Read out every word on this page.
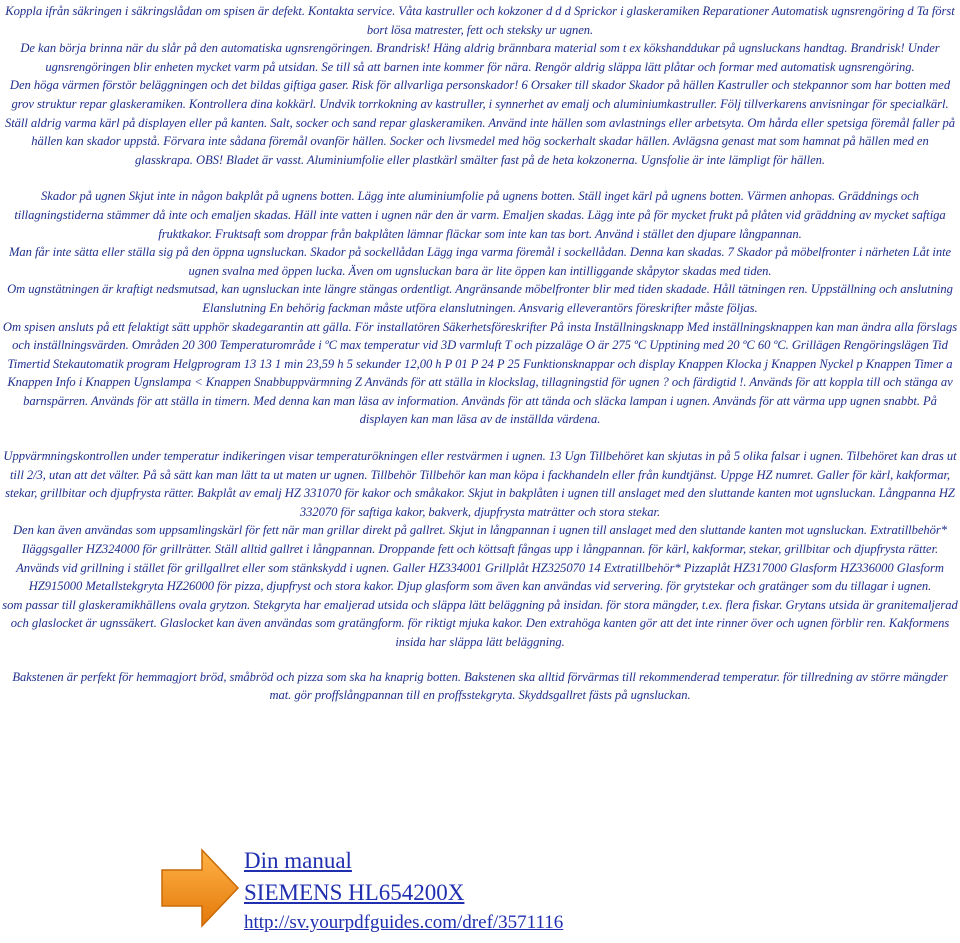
Koppla ifrån säkringen i säkringslådan om spisen är defekt. Kontakta service. Våta kastruller och kokzoner d d d Sprickor i glaskeramiken Reparationer Automatisk ugnsrengöring d Ta först bort lösa matrester, fett och steksky ur ugnen.

De kan börja brinna när du slår på den automatiska ugnsrengöringen. Brandrisk! Häng aldrig brännbara material som t ex kökshanddukar på ugnsluckans handtag. Brandrisk! Under ugnsrengöringen blir enheten mycket varm på utsidan. Se till så att barnen inte kommer för nära. Rengör aldrig släppa lätt plåtar och formar med automatisk ugnsrengöring.

Den höga värmen förstör beläggningen och det bildas giftiga gaser. Risk för allvarliga personskador! 6 Orsaker till skador Skador på hällen Kastruller och stekpannor som har botten med grov struktur repar glaskeramiken. Kontrollera dina kokkärl. Undvik torrkokning av kastruller, i synnerhet av emalj och aluminiumkastruller. Följ tillverkarens anvisningar för specialkärl.

Ställ aldrig varma kärl på displayen eller på kanten. Salt, socker och sand repar glaskeramiken. Använd inte hällen som avlastnings eller arbetsyta. Om hårda eller spetsiga föremål faller på hällen kan skador uppstå. Förvara inte sådana föremål ovanför hällen. Socker och livsmedel med hög sockerhalt skadar hällen. Avlägsna genast mat som hamnat på hällen med en glasskrapa. OBS! Bladet är vasst. Aluminiumfolie eller plastkärl smälter fast på de heta kokzonerna. Ugnsfolie är inte lämpligt för hällen.

Skador på ugnen Skjut inte in någon bakplåt på ugnens botten. Lägg inte aluminiumfolie på ugnens botten. Ställ inget kärl på ugnens botten. Värmen anhopas. Gräddnings och tillagningstiderna stämmer då inte och emaljen skadas. Häll inte vatten i ugnen när den är varm. Emaljen skadas. Lägg inte på för mycket frukt på plåten vid gräddning av mycket saftiga fruktkakor. Fruktsaft som droppar från bakplåten lämnar fläckar som inte kan tas bort. Använd i stället den djupare långpannan.

Man får inte sätta eller ställa sig på den öppna ugnsluckan. Skador på sockellådan Lägg inga varma föremål i sockellådan. Denna kan skadas. 7 Skador på möbelfronter i närheten Låt inte ugnen svalna med öppen lucka. Även om ugnsluckan bara är lite öppen kan intilliggande skåpytor skadas med tiden.

Om ugnstätningen är kraftigt nedsmutsad, kan ugnsluckan inte längre stängas ordentligt. Angränsande möbelfronter blir med tiden skadade. Håll tätningen ren. Uppställning och anslutning Elanslutning En behörig fackman måste utföra elanslutningen. Ansvarig elleverantörs föreskrifter måste följas.

Om spisen ansluts på ett felaktigt sätt upphör skadegarantin att gälla. För installatören Säkerhetsföreskrifter På insta Inställningsknapp Med inställningsknappen kan man ändra alla förslags och inställningsvärden. Områden 20 300 Temperaturområde i ºC max temperatur vid 3D varmluft T och pizzaläge O är 275 ºC Upptining med 20 ºC 60 ºC. Grillägen Rengöringslägen Tid Timertid Stekautomatik program Helgprogram 13 13 1 min 23,59 h 5 sekunder 12,00 h P 01 P 24 P 25 Funktionsknappar och display Knappen Klocka j Knappen Nyckel p Knappen Timer a Knappen Info i Knappen Ugnslampa < Knappen Snabbuppvärmning Z Används för att ställa in klockslag, tillagningstid för ugnen ? och färdigtid !. Används för att koppla till och stänga av barnspärren. Används för att ställa in timern. Med denna kan man läsa av information. Används för att tända och släcka lampan i ugnen. Används för att värma upp ugnen snabbt. På displayen kan man läsa av de inställda värdena.

Uppvärmningskontrollen under temperatur indikeringen visar temperaturökningen eller restvärmen i ugnen. 13 Ugn Tillbehöret kan skjutas in på 5 olika falsar i ugnen. Tilbehöret kan dras ut till 2/3, utan att det välter. På så sätt kan man lätt ta ut maten ur ugnen. Tillbehör Tillbehör kan man köpa i fackhandeln eller från kundtjänst. Uppge HZ numret. Galler för kärl, kakformar, stekar, grillbitar och djupfrysta rätter. Bakplåt av emalj HZ 331070 för kakor och småkakor. Skjut in bakplåten i ugnen till anslaget med den sluttande kanten mot ugnsluckan. Långpanna HZ 332070 för saftiga kakor, bakverk, djupfrysta maträtter och stora stekar.

Den kan även användas som uppsamlingskärl för fett när man grillar direkt på gallret. Skjut in långpannan i ugnen till anslaget med den sluttande kanten mot ugnsluckan. Extratillbehör* Iläggsgaller HZ324000 för grillrätter. Ställ alltid gallret i långpannan. Droppande fett och köttsaft fångas upp i långpannan. för kärl, kakformar, stekar, grillbitar och djupfrysta rätter. Används vid grillning i stället för grillgallret eller som stänkskydd i ugnen. Galler HZ334001 Grillplåt HZ325070 14 Extratillbehör* Pizzaplåt HZ317000 Glasform HZ336000 Glasform HZ915000 Metallstekgryta HZ26000 för pizza, djupfryst och stora kakor. Djup glasform som även kan användas vid servering. för grytstekar och gratänger som du tillagar i ugnen.

som passar till glaskeramikhällens ovala grytzon. Stekgryta har emaljerad utsida och släppa lätt beläggning på insidan. för stora mängder, t.ex. flera fiskar. Grytans utsida är granitemaljerad och glaslocket är ugnssäkert. Glaslocket kan även användas som gratängform. för riktigt mjuka kakor. Den extrahöga kanten gör att det inte rinner över och ugnen förblir ren. Kakformens insida har släppa lätt beläggning.

Bakstenen är perfekt för hemmagjort bröd, småbröd och pizza som ska ha knaprig botten. Bakstenen ska alltid förvärmas till rekommenderad temperatur. för tillredning av större mängder mat. gör proffslångpannan till en proffsstekgryta. Skyddsgallret fästs på ugnsluckan.

Din manual
SIEMENS HL654200X
http://sv.yourpdfguides.com/dref/3571116
